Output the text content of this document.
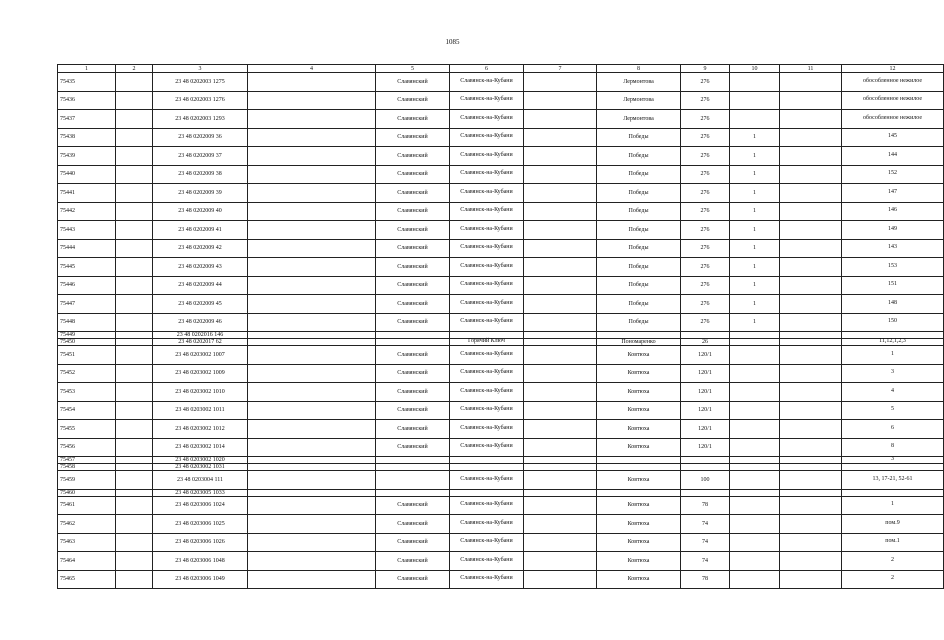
1085
1	2	3	4	5	6	7	8	9	10	11	12
75435		23 48 0202003 1275		Славянский	Славянск-на-Кубани		Лермонтова	276			обособленное нежилое

75436		23 48 0202003 1276		Славянский	Славянск-на-Кубани		Лермонтова	276			обособленное нежилое

75437		23 48 0202003 1293		Славянский	Славянск-на-Кубани		Лермонтова	276			обособленное нежилое

75438		23 48 0202009 36		Славянский	Славянск-на-Кубани		Победы	276	1		145

75439		23 48 0202009 37		Славянский	Славянск-на-Кубани		Победы	276	1		144

75440		23 48 0202009 38		Славянский	Славянск-на-Кубани		Победы	276	1		152

75441		23 48 0202009 39		Славянский	Славянск-на-Кубани		Победы	276	1		147

75442		23 48 0202009 40		Славянский	Славянск-на-Кубани		Победы	276	1		146

75443		23 48 0202009 41		Славянский	Славянск-на-Кубани		Победы	276	1		149

75444		23 48 0202009 42		Славянский	Славянск-на-Кубани		Победы	276	1		143

75445		23 48 0202009 43		Славянский	Славянск-на-Кубани		Победы	276	1		153

75446		23 48 0202009 44		Славянский	Славянск-на-Кубани		Победы	276	1		151

75447		23 48 0202009 45		Славянский	Славянск-на-Кубани		Победы	276	1		148

75448		23 48 0202009 46		Славянский	Славянск-на-Кубани		Победы	276	1		150

75449		23 48 0202016 146			

75450		23 48 0202017 62			Горячий Ключ		Пономаренко	26			11,12,1,2,3

75451		23 48 0203002 1007		Славянский	Славянск-на-Кубани		Ковтюха	120/1			1

75452		23 48 0203002 1009		Славянский	Славянск-на-Кубани		Ковтюха	120/1			3

75453		23 48 0203002 1010		Славянский	Славянск-на-Кубани		Ковтюха	120/1			4

75454		23 48 0203002 1011		Славянский	Славянск-на-Кубани		Ковтюха	120/1			5

75455		23 48 0203002 1012		Славянский	Славянск-на-Кубани		Ковтюха	120/1			6

75456		23 48 0203002 1014		Славянский	Славянск-на-Кубани		Ковтюха	120/1			8

75457		23 48 0203002 1020									3

75458		23 48 0203002 1031			

75459		23 48 0203004 111			Славянск-на-Кубани		Ковтюха	100			13, 17-21, 52-61

75460		23 48 0203005 1033			

75461		23 48 0203006 1024		Славянский	Славянск-на-Кубани		Ковтюха	78			1

75462		23 48 0203006 1025		Славянский	Славянск-на-Кубани		Ковтюха	74			пом.9

75463		23 48 0203006 1026		Славянский	Славянск-на-Кубани		Ковтюха	74			пом.1

75464		23 48 0203006 1048		Славянский	Славянск-на-Кубани		Ковтюха	74			2

75465		23 48 0203006 1049		Славянский	Славянск-на-Кубани		Ковтюха	78			2
